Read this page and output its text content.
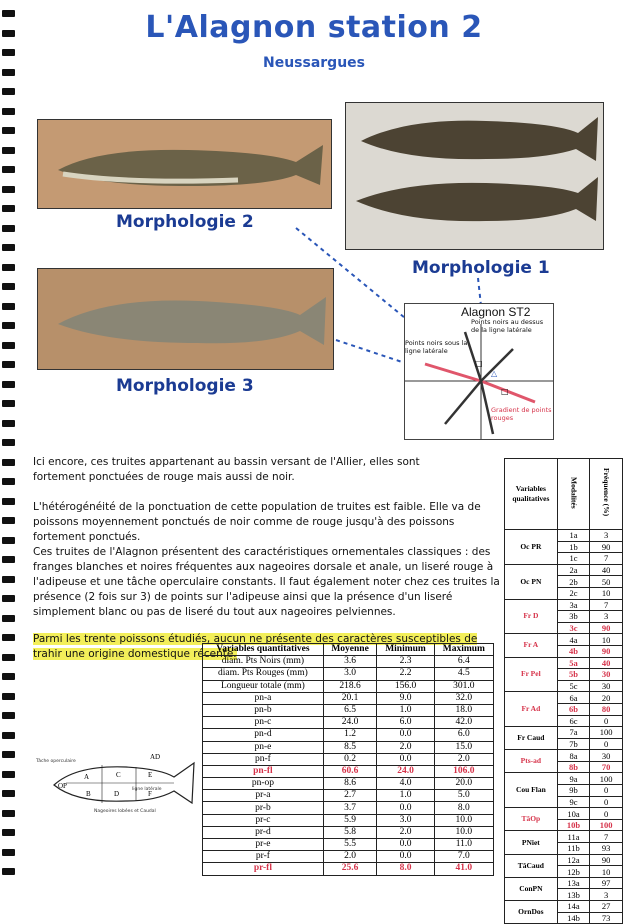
L'Alagnon station 2
Neussargues
Morphologie 2
Morphologie 1
Morphologie 3
Alagnon ST2
□
□
△
Points noirs au dessus de la ligne latérale
Points noirs sous la ligne latérale
Gradient de points rouges
Ici encore, ces truites appartenant au bassin versant de l'Allier, elles sont fortement ponctuées de rouge mais aussi de noir.
L'hétérogénéité de la ponctuation de cette population de truites est faible. Elle va de poissons moyennement ponctués de noir comme de rouge jusqu'à des poissons fortement ponctués.
Ces truites de l'Alagnon présentent des caractéristiques ornementales classiques : des franges blanches et noires fréquentes aux nageoires dorsale et anale, un liseré rouge à l'adipeuse et une tâche operculaire constants. Il faut également noter chez ces truites la présence (2 fois sur 3) de points sur l'adipeuse ainsi que la présence d'un liseré simplement blanc ou pas de liseré du tout aux nageoires pelviennes.
Parmi les trente poissons étudiés, aucun ne présente des caractères susceptibles de trahir une origine domestique récente.
Variables quantitatives	Moyenne	Minimum	Maximum
diam. Pts Noirs (mm)	3.6	2.3	6.4
diam. Pts Rouges (mm)	3.0	2.2	4.5
Longueur totale (mm)	218.6	156.0	301.0
pn-a	20.1	9.0	32.0
pn-b	6.5	1.0	18.0
pn-c	24.0	6.0	42.0
pn-d	1.2	0.0	6.0
pn-e	8.5	2.0	15.0
pn-f	0.2	0.0	2.0
pn-fl	60.6	24.0	106.0
pn-op	8.6	4.0	20.0
pr-a	2.7	1.0	5.0
pr-b	3.7	0.0	8.0
pr-c	5.9	3.0	10.0
pr-d	5.8	2.0	10.0
pr-e	5.5	0.0	11.0
pr-f	2.0	0.0	7.0
pr-fl	25.6	8.0	41.0
Variables qualitatives	Modalités	Fréquence (%)
Oc PR	1a	3
	1b	90
	1c	7
Oc PN	2a	40
	2b	50
	2c	10
Fr D	3a	7
	3b	3
	3c	90
Fr A	4a	10
	4b	90
Fr Pel	5a	40
	5b	30
	5c	30
Fr Ad	6a	20
	6b	80
	6c	0
Fr Caud	7a	100
	7b	0
Pts-ad	8a	30
	8b	70
Cou Flan	9a	100
	9b	0
	9c	0
TâOp	10a	0
	10b	100
PNiet	11a	7
	11b	93
TâCaud	12a	90
	12b	10
ConPN	13a	97
	13b	3
OrnDos	14a	27
	14b	73
A
B
C
D
E
F
AD
OP
Tâche operculaire
ligne latérale
Nageoires lobées et Caudal
